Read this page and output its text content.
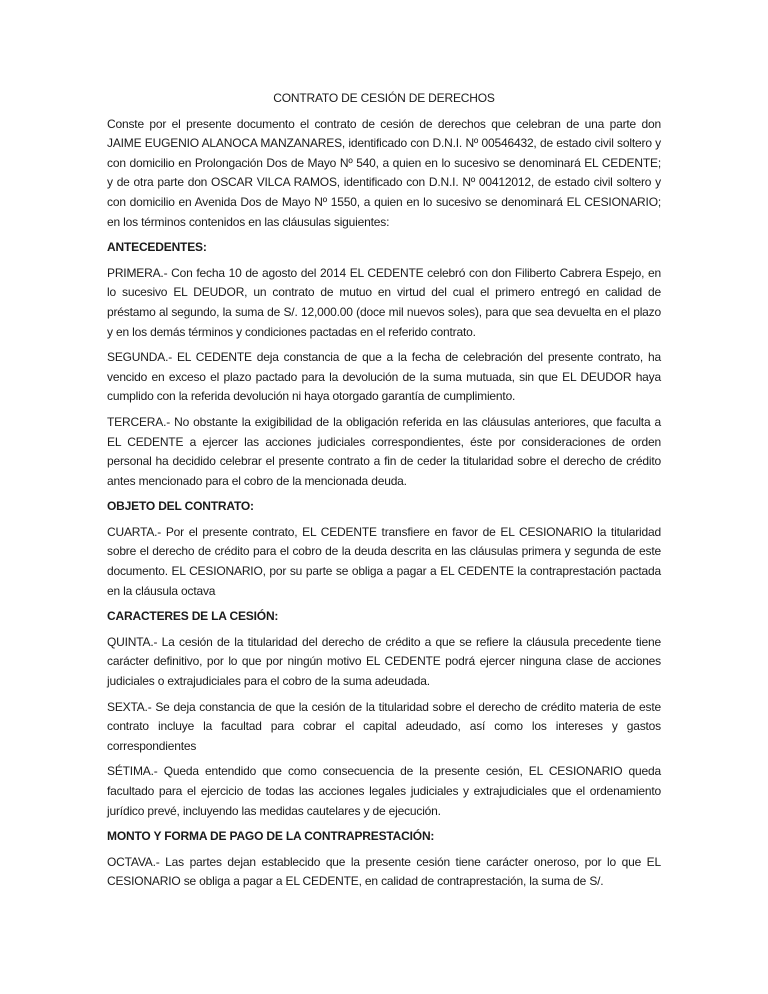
CONTRATO DE CESIÓN DE DERECHOS

Conste por el presente documento el contrato de cesión de derechos que celebran de una parte don JAIME EUGENIO ALANOCA MANZANARES, identificado con D.N.I. Nº 00546432, de estado civil soltero y con domicilio en Prolongación Dos de Mayo Nº 540, a quien en lo sucesivo se denominará EL CEDENTE; y de otra parte don OSCAR VILCA RAMOS, identificado con D.N.I. Nº 00412012, de estado civil soltero y con domicilio en Avenida Dos de Mayo Nº 1550, a quien en lo sucesivo se denominará EL CESIONARIO; en los términos contenidos en las cláusulas siguientes:

ANTECEDENTES:

PRIMERA.- Con fecha 10 de agosto del 2014 EL CEDENTE celebró con don Filiberto Cabrera Espejo, en lo sucesivo EL DEUDOR, un contrato de mutuo en virtud del cual el primero entregó en calidad de préstamo al segundo, la suma de S/. 12,000.00 (doce mil nuevos soles), para que sea devuelta en el plazo y en los demás términos y condiciones pactadas en el referido contrato.

SEGUNDA.- EL CEDENTE deja constancia de que a la fecha de celebración del presente contrato, ha vencido en exceso el plazo pactado para la devolución de la suma mutuada, sin que EL DEUDOR haya cumplido con la referida devolución ni haya otorgado garantía de cumplimiento.

TERCERA.- No obstante la exigibilidad de la obligación referida en las cláusulas anteriores, que faculta a EL CEDENTE a ejercer las acciones judiciales correspondientes, éste por consideraciones de orden personal ha decidido celebrar el presente contrato a fin de ceder la titularidad sobre el derecho de crédito antes mencionado para el cobro de la mencionada deuda.

OBJETO DEL CONTRATO:

CUARTA.- Por el presente contrato, EL CEDENTE transfiere en favor de EL CESIONARIO la titularidad sobre el derecho de crédito para el cobro de la deuda descrita en las cláusulas primera y segunda de este documento. EL CESIONARIO, por su parte se obliga a pagar a EL CEDENTE la contraprestación pactada en la cláusula octava

CARACTERES DE LA CESIÓN:

QUINTA.- La cesión de la titularidad del derecho de crédito a que se refiere la cláusula precedente tiene carácter definitivo, por lo que por ningún motivo EL CEDENTE podrá ejercer ninguna clase de acciones judiciales o extrajudiciales para el cobro de la suma adeudada.

SEXTA.- Se deja constancia de que la cesión de la titularidad sobre el derecho de crédito materia de este contrato incluye la facultad para cobrar el capital adeudado, así como los intereses y gastos correspondientes

SÉTIMA.- Queda entendido que como consecuencia de la presente cesión, EL CESIONARIO queda facultado para el ejercicio de todas las acciones legales judiciales y extrajudiciales que el ordenamiento jurídico prevé, incluyendo las medidas cautelares y de ejecución.

MONTO Y FORMA DE PAGO DE LA CONTRAPRESTACIÓN:

OCTAVA.- Las partes dejan establecido que la presente cesión tiene carácter oneroso, por lo que EL CESIONARIO se obliga a pagar a EL CEDENTE, en calidad de contraprestación, la suma de S/.
